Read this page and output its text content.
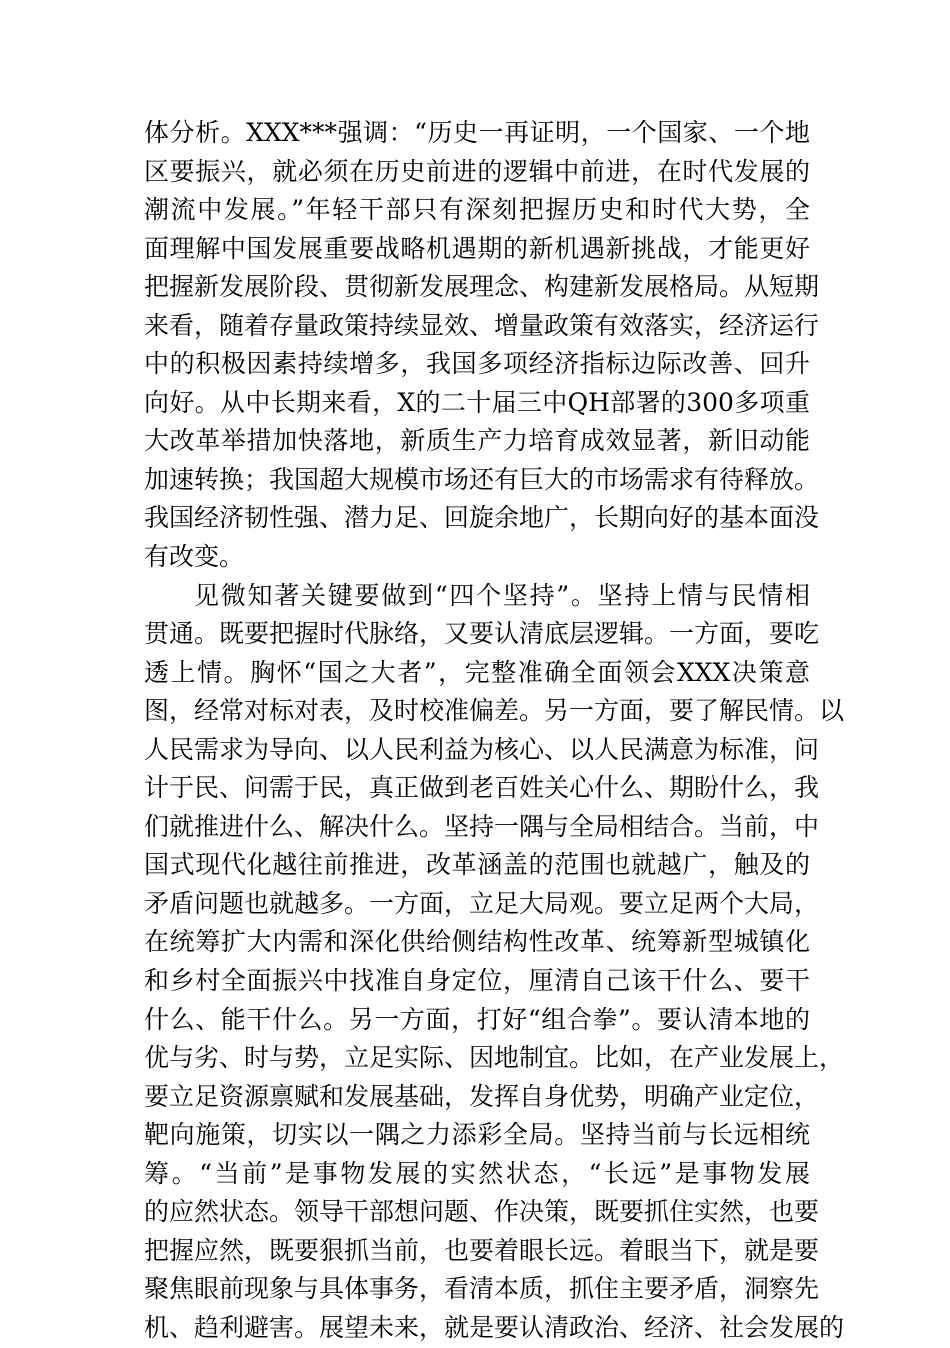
体分析。XXX***强调：“历史一再证明，一个国家、一个地
区要振兴，就必须在历史前进的逻辑中前进，在时代发展的
潮流中发展。”年轻干部只有深刻把握历史和时代大势，全
面理解中国发展重要战略机遇期的新机遇新挑战，才能更好
把握新发展阶段、贯彻新发展理念、构建新发展格局。从短期
来看，随着存量政策持续显效、增量政策有效落实，经济运行
中的积极因素持续增多，我国多项经济指标边际改善、回升
向好。从中长期来看，X的二十届三中QH部署的300多项重
大改革举措加快落地，新质生产力培育成效显著，新旧动能
加速转换；我国超大规模市场还有巨大的市场需求有待释放。
我国经济韧性强、潜力足、回旋余地广，长期向好的基本面没
有改变。
见微知著关键要做到“四个坚持”。坚持上情与民情相
贯通。既要把握时代脉络，又要认清底层逻辑。一方面，要吃
透上情。胸怀“国之大者”，完整准确全面领会XXX决策意
图，经常对标对表，及时校准偏差。另一方面，要了解民情。以
人民需求为导向、以人民利益为核心、以人民满意为标准，问
计于民、问需于民，真正做到老百姓关心什么、期盼什么，我
们就推进什么、解决什么。坚持一隅与全局相结合。当前，中
国式现代化越往前推进，改革涵盖的范围也就越广，触及的
矛盾问题也就越多。一方面，立足大局观。要立足两个大局，
在统筹扩大内需和深化供给侧结构性改革、统筹新型城镇化
和乡村全面振兴中找准自身定位，厘清自己该干什么、要干
什么、能干什么。另一方面，打好“组合拳”。要认清本地的
优与劣、时与势，立足实际、因地制宜。比如，在产业发展上，
要立足资源禀赋和发展基础，发挥自身优势，明确产业定位，
靶向施策，切实以一隅之力添彩全局。坚持当前与长远相统
筹。“当前”是事物发展的实然状态，“长远”是事物发展
的应然状态。领导干部想问题、作决策，既要抓住实然，也要
把握应然，既要狠抓当前，也要着眼长远。着眼当下，就是要
聚焦眼前现象与具体事务，看清本质，抓住主要矛盾，洞察先
机、趋利避害。展望未来，就是要认清政治、经济、社会发展的
